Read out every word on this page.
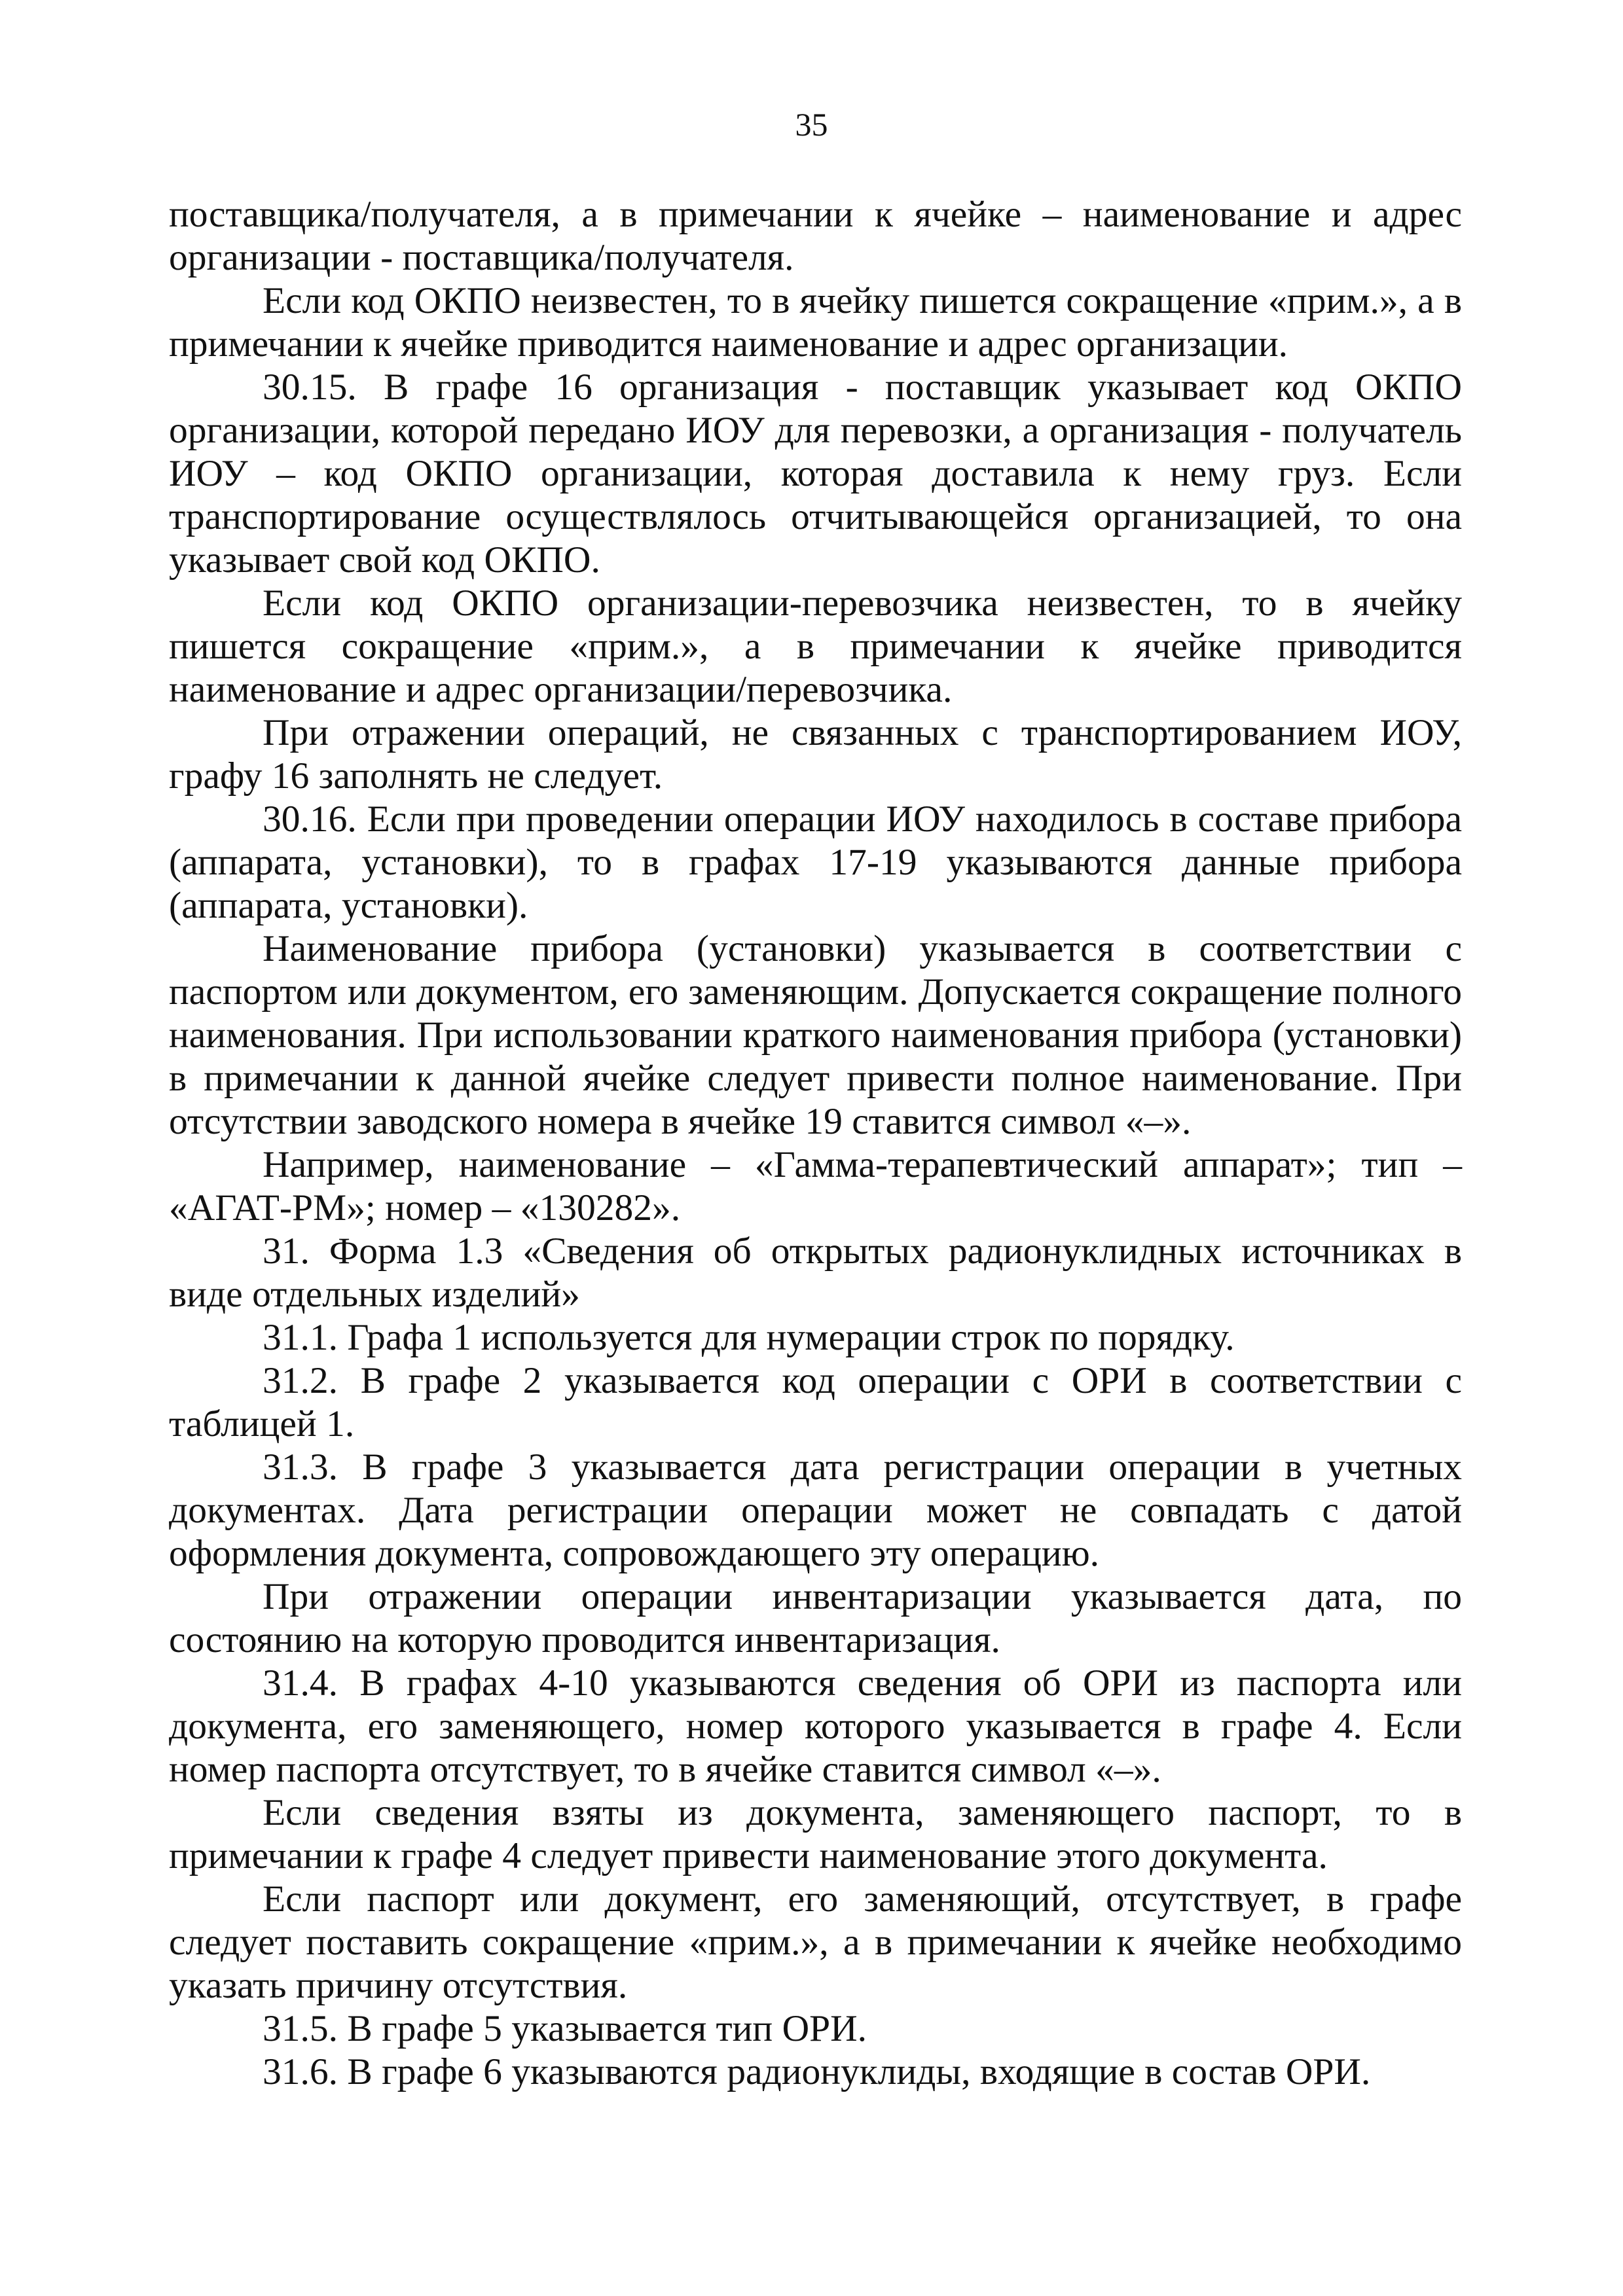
35

поставщика/получателя, а в примечании к ячейке – наименование и адрес организации - поставщика/получателя.

Если код ОКПО неизвестен, то в ячейку пишется сокращение «прим.», а в примечании к ячейке приводится наименование и адрес организации.

30.15. В графе 16 организация - поставщик указывает код ОКПО организации, которой передано ИОУ для перевозки, а организация - получатель ИОУ – код ОКПО организации, которая доставила к нему груз. Если транспортирование осуществлялось отчитывающейся организацией, то она указывает свой код ОКПО.

Если код ОКПО организации-перевозчика неизвестен, то в ячейку пишется сокращение «прим.», а в примечании к ячейке приводится наименование и адрес организации/перевозчика.

При отражении операций, не связанных с транспортированием ИОУ, графу 16 заполнять не следует.

30.16. Если при проведении операции ИОУ находилось в составе прибора (аппарата, установки), то в графах 17-19 указываются данные прибора (аппарата, установки).

Наименование прибора (установки) указывается в соответствии с паспортом или документом, его заменяющим. Допускается сокращение полного наименования. При использовании краткого наименования прибора (установки) в примечании к данной ячейке следует привести полное наименование. При отсутствии заводского номера в ячейке 19 ставится символ «–».

Например, наименование – «Гамма-терапевтический аппарат»; тип – «АГАТ-РМ»; номер – «130282».

31. Форма 1.3 «Сведения об открытых радионуклидных источниках в виде отдельных изделий»

31.1. Графа 1 используется для нумерации строк по порядку.

31.2. В графе 2 указывается код операции с ОРИ в соответствии с таблицей 1.

31.3. В графе 3 указывается дата регистрации операции в учетных документах. Дата регистрации операции может не совпадать с датой оформления документа, сопровождающего эту операцию.

При отражении операции инвентаризации указывается дата, по состоянию на которую проводится инвентаризация.

31.4. В графах 4-10 указываются сведения об ОРИ из паспорта или документа, его заменяющего, номер которого указывается в графе 4. Если номер паспорта отсутствует, то в ячейке ставится символ «–».

Если сведения взяты из документа, заменяющего паспорт, то в примечании к графе 4 следует привести наименование этого документа.

Если паспорт или документ, его заменяющий, отсутствует, в графе следует поставить сокращение «прим.», а в примечании к ячейке необходимо указать причину отсутствия.

31.5. В графе 5 указывается тип ОРИ.

31.6. В графе 6 указываются радионуклиды, входящие в состав ОРИ.
